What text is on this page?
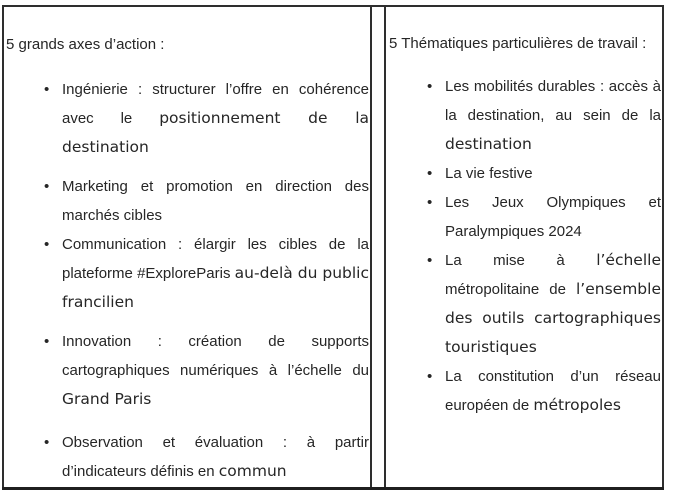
5 grands axes d’action :

• Ingénierie : structurer l’offre en cohérence avec le positionnement de la destination
• Marketing et promotion en direction des marchés cibles
• Communication : élargir les cibles de la plateforme #ExploreParis au-delà du public francilien
• Innovation : création de supports cartographiques numériques à l’échelle du Grand Paris
• Observation et évaluation : à partir d’indicateurs définis en commun

5 Thématiques particulières de travail :

• Les mobilités durables : accès à la destination, au sein de la destination
• La vie festive
• Les Jeux Olympiques et Paralympiques 2024
• La mise à l’échelle métropolitaine de l’ensemble des outils cartographiques touristiques
• La constitution d’un réseau européen de métropoles
